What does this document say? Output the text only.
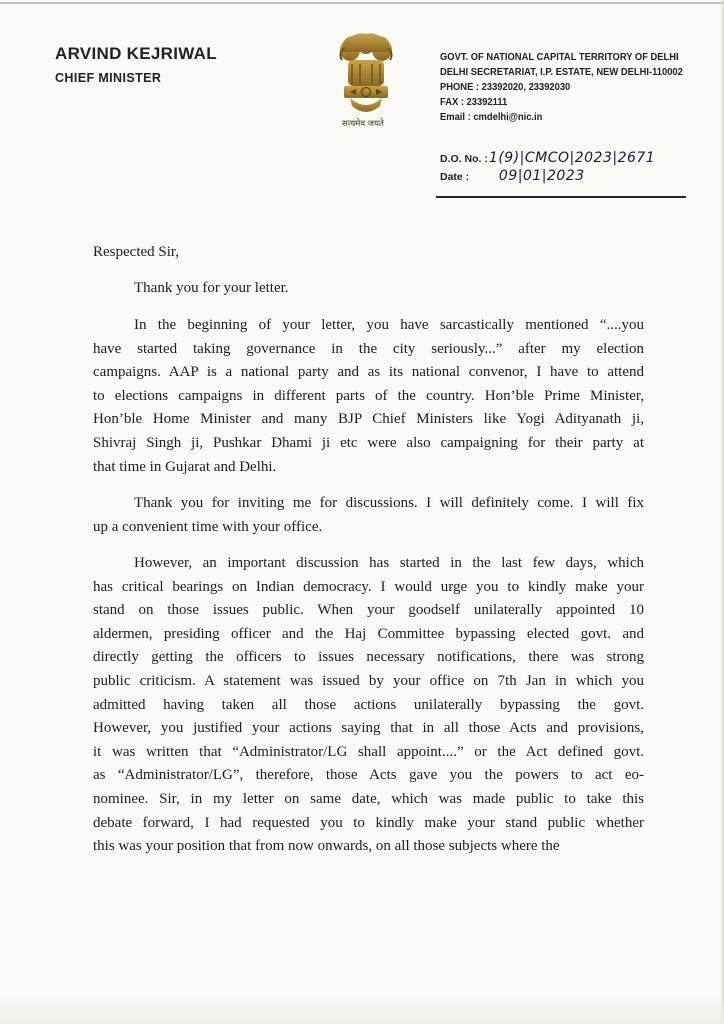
ARVIND KEJRIWAL
CHIEF MINISTER
सत्यमेव जयते
GOVT. OF NATIONAL CAPITAL TERRITORY OF DELHI
DELHI SECRETARIAT, I.P. ESTATE, NEW DELHI-110002
PHONE : 23392020, 23392030
FAX : 23392111
Email : cmdelhi@nic.in
D.O. No. : 1(9)|CMCO|2023|2671
Date : 09|01|2023
Respected Sir,
Thank you for your letter.
In the beginning of your letter, you have sarcastically mentioned “....you
have started taking governance in the city seriously...” after my election
campaigns. AAP is a national party and as its national convenor, I have to attend
to elections campaigns in different parts of the country. Hon’ble Prime Minister,
Hon’ble Home Minister and many BJP Chief Ministers like Yogi Adityanath ji,
Shivraj Singh ji, Pushkar Dhami ji etc were also campaigning for their party at
that time in Gujarat and Delhi.
Thank you for inviting me for discussions. I will definitely come. I will fix
up a convenient time with your office.
However, an important discussion has started in the last few days, which
has critical bearings on Indian democracy. I would urge you to kindly make your
stand on those issues public. When your goodself unilaterally appointed 10
aldermen, presiding officer and the Haj Committee bypassing elected govt. and
directly getting the officers to issues necessary notifications, there was strong
public criticism. A statement was issued by your office on 7th Jan in which you
admitted having taken all those actions unilaterally bypassing the govt.
However, you justified your actions saying that in all those Acts and provisions,
it was written that “Administrator/LG shall appoint....” or the Act defined govt.
as “Administrator/LG”, therefore, those Acts gave you the powers to act eo-
nominee. Sir, in my letter on same date, which was made public to take this
debate forward, I had requested you to kindly make your stand public whether
this was your position that from now onwards, on all those subjects where the
